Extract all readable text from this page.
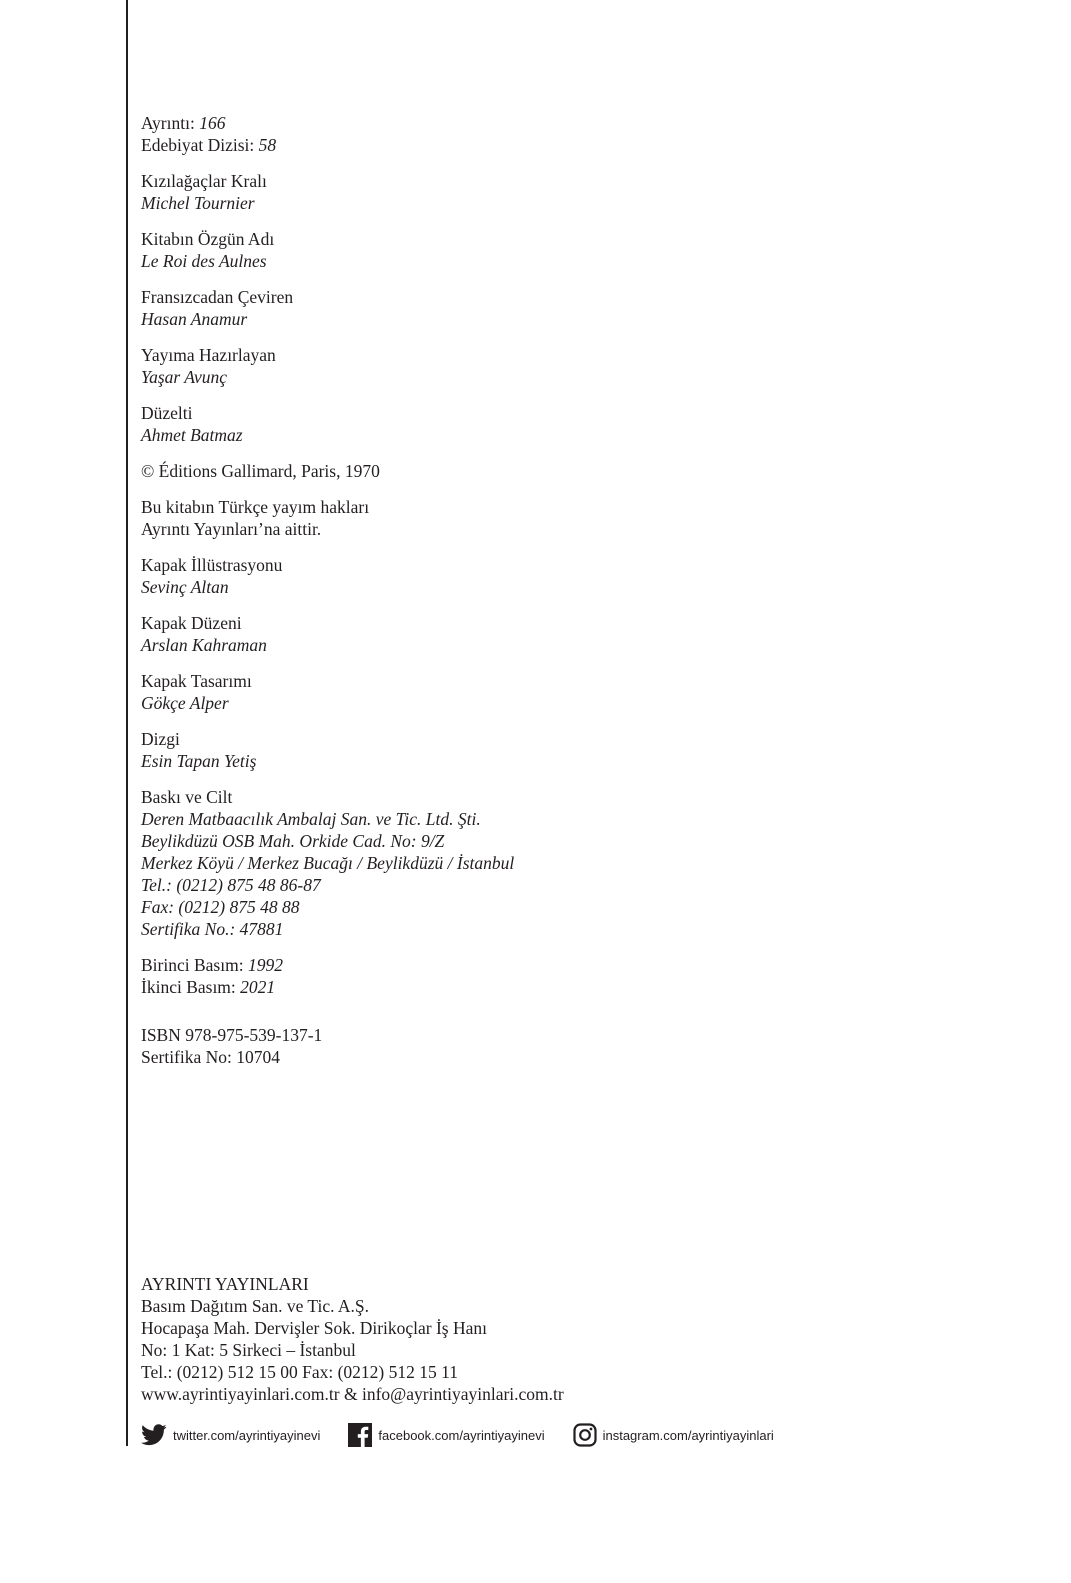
Ayrıntı: 166
Edebiyat Dizisi: 58
Kızılağaçlar Kralı
Michel Tournier
Kitabın Özgün Adı
Le Roi des Aulnes
Fransızcadan Çeviren
Hasan Anamur
Yayıma Hazırlayan
Yaşar Avunç
Düzelti
Ahmet Batmaz
© Éditions Gallimard, Paris, 1970
Bu kitabın Türkçe yayım hakları
Ayrıntı Yayınları’na aittir.
Kapak İllüstrasyonu
Sevinç Altan
Kapak Düzeni
Arslan Kahraman
Kapak Tasarımı
Gökçe Alper
Dizgi
Esin Tapan Yetiş
Baskı ve Cilt
Deren Matbaacılık Ambalaj San. ve Tic. Ltd. Şti.
Beylikdüzü OSB Mah. Orkide Cad. No: 9/Z
Merkez Köyü / Merkez Bucağı / Beylikdüzü / İstanbul
Tel.: (0212) 875 48 86-87
Fax: (0212) 875 48 88
Sertifika No.: 47881
Birinci Basım: 1992
İkinci Basım: 2021
ISBN 978-975-539-137-1
Sertifika No: 10704
AYRINTI YAYINLARI
Basım Dağıtım San. ve Tic. A.Ş.
Hocapaşa Mah. Dervişler Sok. Dirikoçlar İş Hanı
No: 1 Kat: 5 Sirkeci – İstanbul
Tel.: (0212) 512 15 00 Fax: (0212) 512 15 11
www.ayrintiyayinlari.com.tr & info@ayrintiyayinlari.com.tr
twitter.com/ayrintiyayinevi	facebook.com/ayrintiyayinevi	instagram.com/ayrintiyayinlari
